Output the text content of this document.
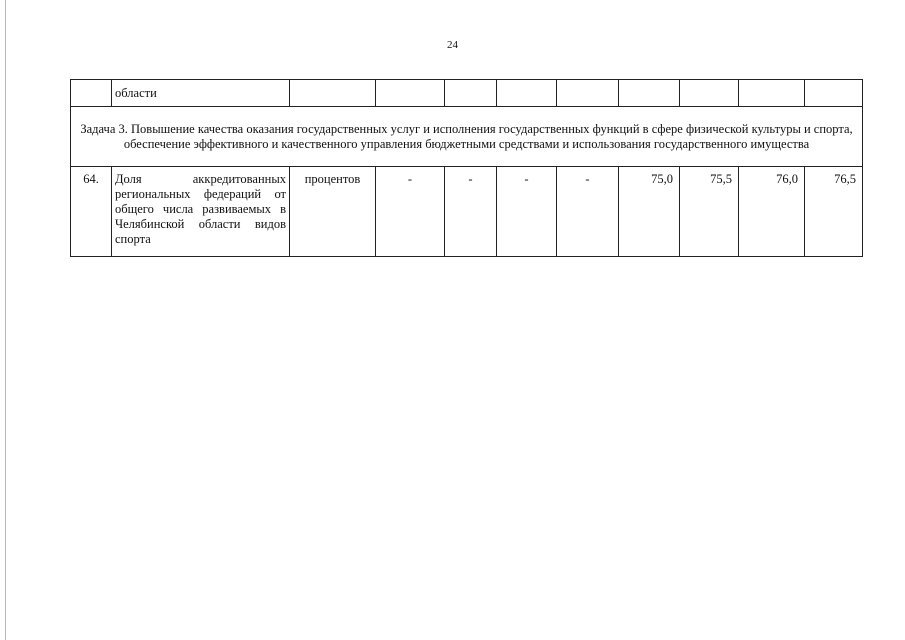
24
	области									
Задача 3. Повышение качества оказания государственных услуг и исполнения государственных функций в сфере физической культуры и спорта, обеспечение эффективного и качественного управления бюджетными средствами и использования государственного имущества										
64.	Доля аккредитованных региональных федераций от общего числа развиваемых в Челябинской области видов спорта	процентов	-	-	-	-	75,0	75,5	76,0	76,5
